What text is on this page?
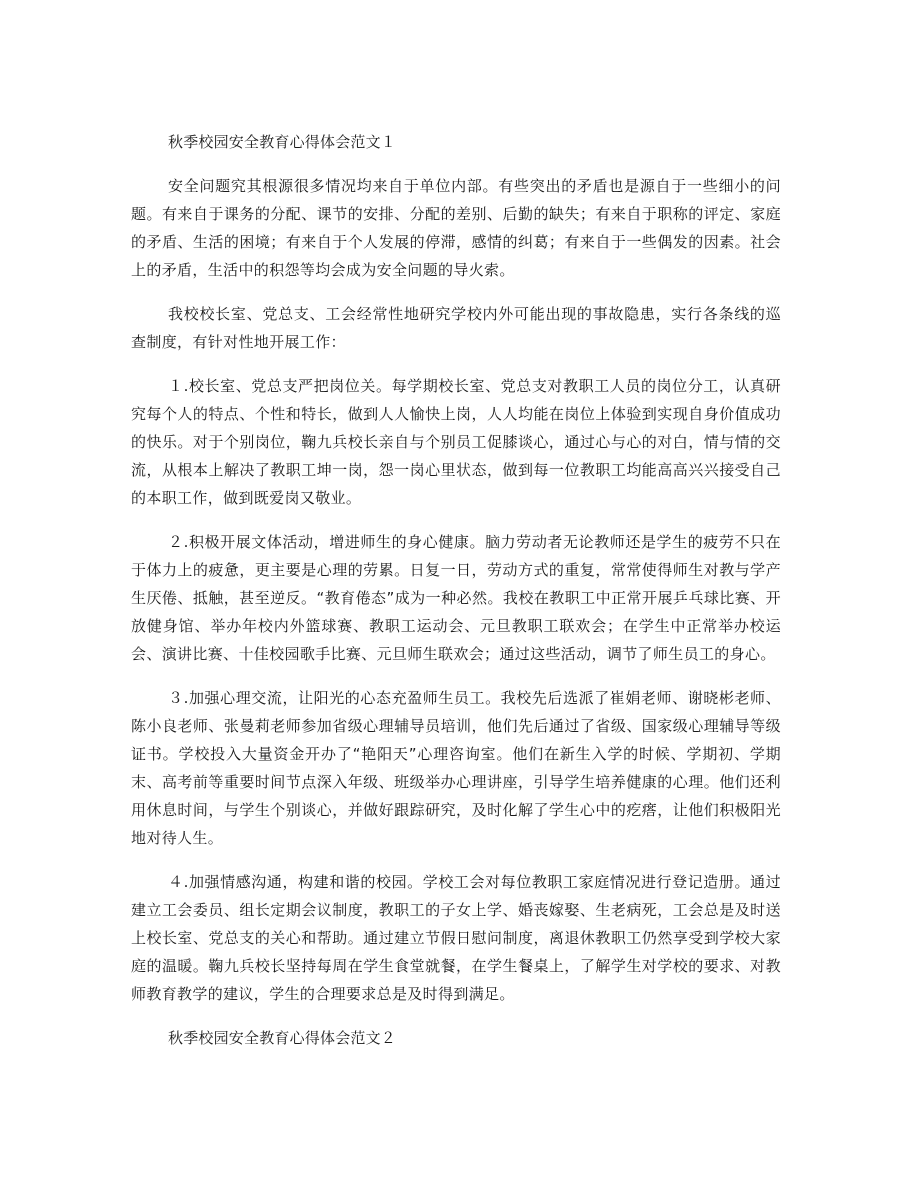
秋季校园安全教育心得体会范文１

安全问题究其根源很多情况均来自于单位内部。有些突出的矛盾也是源自于一些细小的问题。有来自于课务的分配、课节的安排、分配的差别、后勤的缺失；有来自于职称的评定、家庭的矛盾、生活的困境；有来自于个人发展的停滞，感情的纠葛；有来自于一些偶发的因素。社会上的矛盾，生活中的积怨等均会成为安全问题的导火索。

我校校长室、党总支、工会经常性地研究学校内外可能出现的事故隐患，实行各条线的巡查制度，有针对性地开展工作：

１.校长室、党总支严把岗位关。每学期校长室、党总支对教职工人员的岗位分工，认真研究每个人的特点、个性和特长，做到人人愉快上岗，人人均能在岗位上体验到实现自身价值成功的快乐。对于个别岗位，鞠九兵校长亲自与个别员工促膝谈心，通过心与心的对白，情与情的交流，从根本上解决了教职工坤一岗，怨一岗心里状态，做到每一位教职工均能高高兴兴接受自己的本职工作，做到既爱岗又敬业。

２.积极开展文体活动，增进师生的身心健康。脑力劳动者无论教师还是学生的疲劳不只在于体力上的疲惫，更主要是心理的劳累。日复一日，劳动方式的重复，常常使得师生对教与学产生厌倦、抵触，甚至逆反。“教育倦态”成为一种必然。我校在教职工中正常开展乒乓球比赛、开放健身馆、举办年校内外篮球赛、教职工运动会、元旦教职工联欢会；在学生中正常举办校运会、演讲比赛、十佳校园歌手比赛、元旦师生联欢会；通过这些活动，调节了师生员工的身心。

３.加强心理交流，让阳光的心态充盈师生员工。我校先后选派了崔娟老师、谢晓彬老师、陈小良老师、张曼莉老师参加省级心理辅导员培训，他们先后通过了省级、国家级心理辅导等级证书。学校投入大量资金开办了“艳阳天”心理咨询室。他们在新生入学的时候、学期初、学期末、高考前等重要时间节点深入年级、班级举办心理讲座，引导学生培养健康的心理。他们还利用休息时间，与学生个别谈心，并做好跟踪研究，及时化解了学生心中的疙瘩，让他们积极阳光地对待人生。

４.加强情感沟通，构建和谐的校园。学校工会对每位教职工家庭情况进行登记造册。通过建立工会委员、组长定期会议制度，教职工的子女上学、婚丧嫁娶、生老病死，工会总是及时送上校长室、党总支的关心和帮助。通过建立节假日慰问制度，离退休教职工仍然享受到学校大家庭的温暖。鞠九兵校长坚持每周在学生食堂就餐，在学生餐桌上，了解学生对学校的要求、对教师教育教学的建议，学生的合理要求总是及时得到满足。

秋季校园安全教育心得体会范文２
